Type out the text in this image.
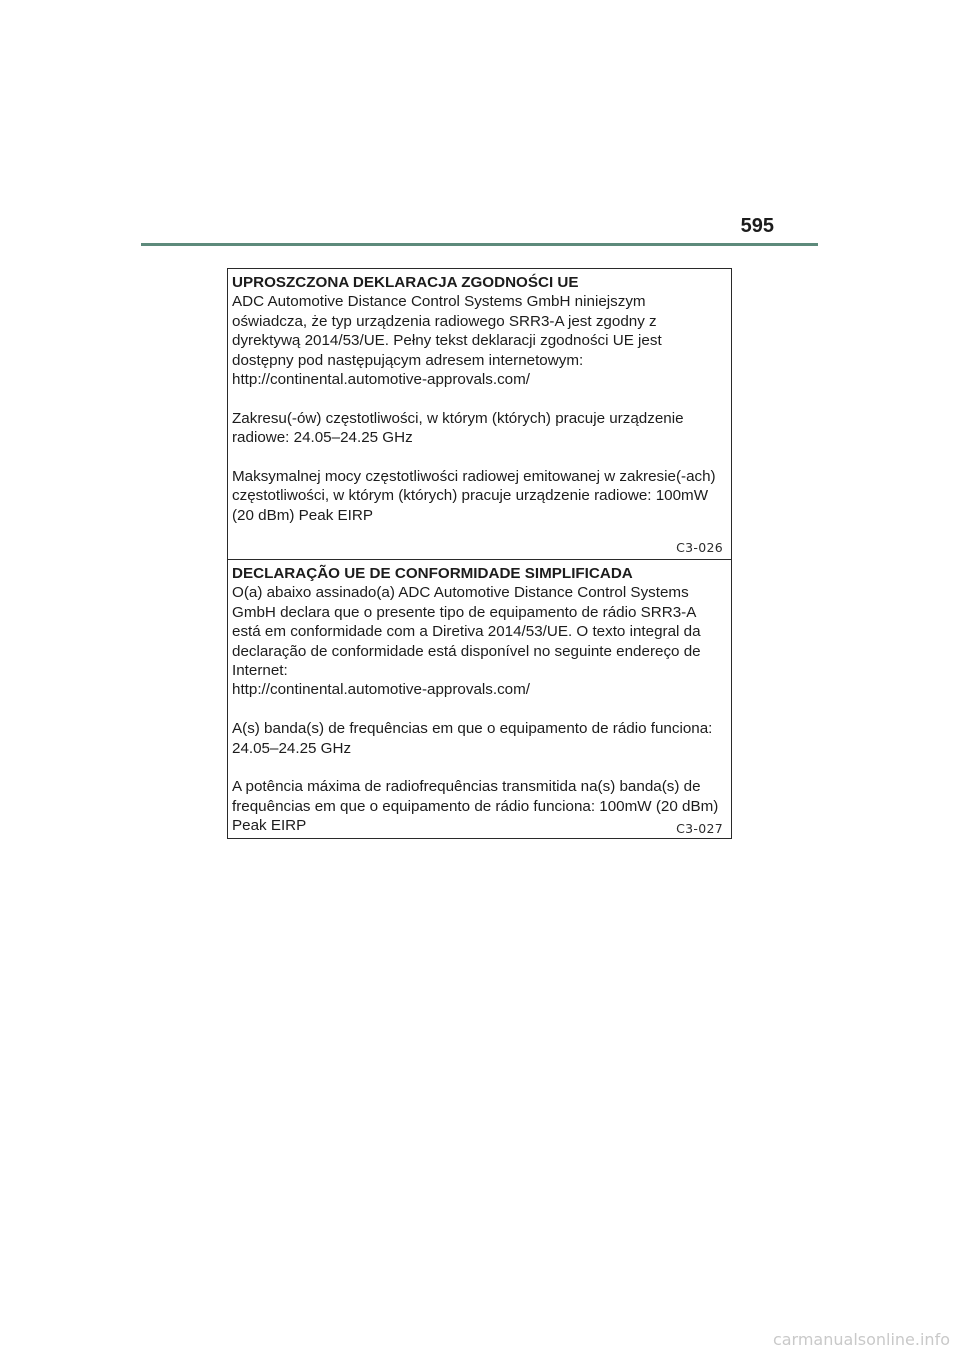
595
UPROSZCZONA DEKLARACJA ZGODNOŚCI UE
ADC Automotive Distance Control Systems GmbH niniejszym
oświadcza, że typ urządzenia radiowego SRR3-A jest zgodny z
dyrektywą 2014/53/UE. Pełny tekst deklaracji zgodności UE jest
dostępny pod następującym adresem internetowym:
http://continental.automotive-approvals.com/
Zakresu(-ów) częstotliwości, w którym (których) pracuje urządzenie
radiowe: 24.05–24.25 GHz
Maksymalnej mocy częstotliwości radiowej emitowanej w zakresie(-ach)
częstotliwości, w którym (których) pracuje urządzenie radiowe: 100mW
(20 dBm) Peak EIRP
C3-026
DECLARAÇÃO UE DE CONFORMIDADE SIMPLIFICADA
O(a) abaixo assinado(a) ADC Automotive Distance Control Systems
GmbH declara que o presente tipo de equipamento de rádio SRR3-A
está em conformidade com a Diretiva 2014/53/UE. O texto integral da
declaração de conformidade está disponível no seguinte endereço de
Internet:
http://continental.automotive-approvals.com/
A(s) banda(s) de frequências em que o equipamento de rádio funciona:
24.05–24.25 GHz
A potência máxima de radiofrequências transmitida na(s) banda(s) de
frequências em que o equipamento de rádio funciona: 100mW (20 dBm)
Peak EIRP	C3-027
carmanualsonline.info
